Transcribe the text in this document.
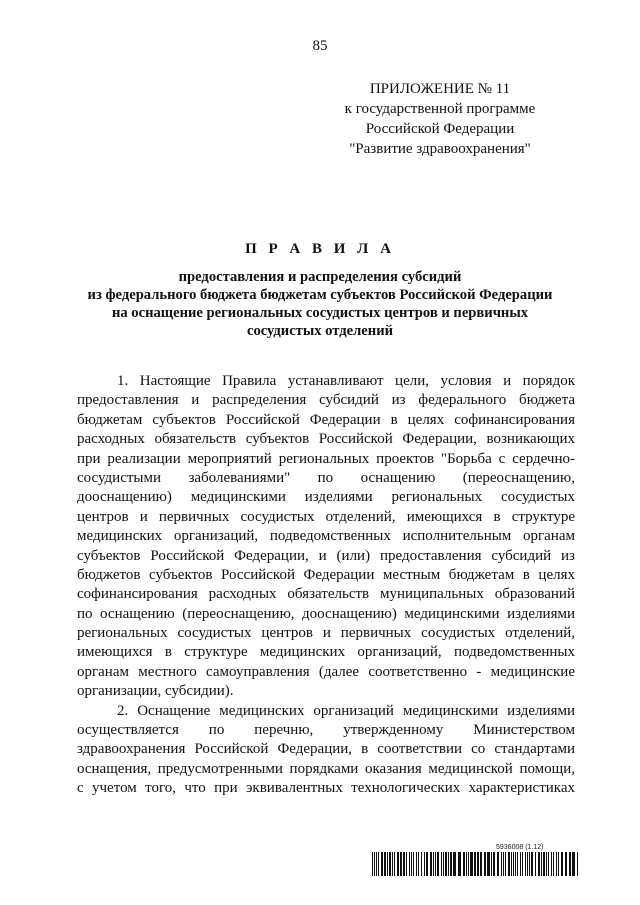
85
ПРИЛОЖЕНИЕ № 11
к государственной программе
Российской Федерации
"Развитие здравоохранения"
П Р А В И Л А
предоставления и распределения субсидий
из федерального бюджета бюджетам субъектов Российской Федерации
на оснащение региональных сосудистых центров и первичных
сосудистых отделений
1. Настоящие Правила устанавливают цели, условия и порядок
предоставления и распределения субсидий из федерального бюджета
бюджетам субъектов Российской Федерации в целях софинансирования
расходных обязательств субъектов Российской Федерации, возникающих
при реализации мероприятий региональных проектов "Борьба с сердечно-
сосудистыми заболеваниями" по оснащению (переоснащению,
дооснащению) медицинскими изделиями региональных сосудистых
центров и первичных сосудистых отделений, имеющихся в структуре
медицинских организаций, подведомственных исполнительным органам
субъектов Российской Федерации, и (или) предоставления субсидий из
бюджетов субъектов Российской Федерации местным бюджетам в целях
софинансирования расходных обязательств муниципальных образований
по оснащению (переоснащению, дооснащению) медицинскими изделиями
региональных сосудистых центров и первичных сосудистых отделений,
имеющихся в структуре медицинских организаций, подведомственных
органам местного самоуправления (далее соответственно - медицинские
организации, субсидии).
2. Оснащение медицинских организаций медицинскими изделиями
осуществляется по перечню, утвержденному Министерством
здравоохранения Российской Федерации, в соответствии со стандартами
оснащения, предусмотренными порядками оказания медицинской помощи,
с учетом того, что при эквивалентных технологических характеристиках
5936008 (1.12)
